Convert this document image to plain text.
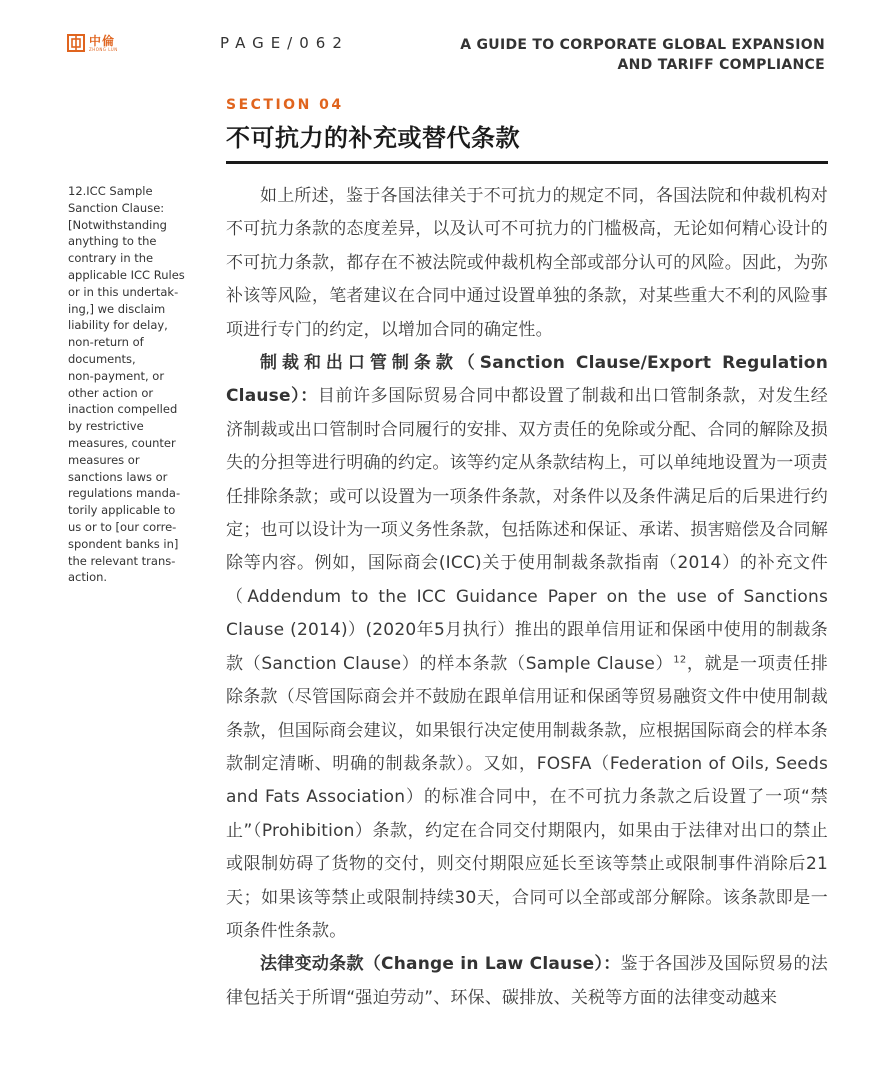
中倫
ZHONG LUN	PAGE/062	A GUIDE TO CORPORATE GLOBAL EXPANSION
AND TARIFF COMPLIANCE
SECTION 04
不可抗力的补充或替代条款
12.ICC Sample
Sanction Clause:
[Notwithstanding
anything to the
contrary in the
applicable ICC Rules
or in this undertak-
ing,] we disclaim
liability for delay,
non-return of
documents,
non-payment, or
other action or
inaction compelled
by restrictive
measures, counter
measures or
sanctions laws or
regulations manda-
torily applicable to
us or to [our corre-
spondent banks in]
the relevant trans-
action.

如上所述，鉴于各国法律关于不可抗力的规定不同，各国法院和仲裁机构对不可抗力条款的态度差异，以及认可不可抗力的门槛极高，无论如何精心设计的不可抗力条款，都存在不被法院或仲裁机构全部或部分认可的风险。因此，为弥补该等风险，笔者建议在合同中通过设置单独的条款，对某些重大不利的风险事项进行专门的约定，以增加合同的确定性。

制裁和出口管制条款（Sanction Clause/Export Regulation Clause）：目前许多国际贸易合同中都设置了制裁和出口管制条款，对发生经济制裁或出口管制时合同履行的安排、双方责任的免除或分配、合同的解除及损失的分担等进行明确的约定。该等约定从条款结构上，可以单纯地设置为一项责任排除条款；或可以设置为一项条件条款，对条件以及条件满足后的后果进行约定；也可以设计为一项义务性条款，包括陈述和保证、承诺、损害赔偿及合同解除等内容。例如，国际商会(ICC)关于使用制裁条款指南（2014）的补充文件（Addendum to the ICC Guidance Paper on the use of Sanctions Clause (2014)）(2020年5月执行）推出的跟单信用证和保函中使用的制裁条款（Sanction Clause）的样本条款（Sample Clause）$^{12}$，就是一项责任排除条款（尽管国际商会并不鼓励在跟单信用证和保函等贸易融资文件中使用制裁条款，但国际商会建议，如果银行决定使用制裁条款，应根据国际商会的样本条款制定清晰、明确的制裁条款）。又如，FOSFA（Federation of Oils, Seeds and Fats Association）的标准合同中，在不可抗力条款之后设置了一项“禁止”（Prohibition）条款，约定在合同交付期限内，如果由于法律对出口的禁止或限制妨碍了货物的交付，则交付期限应延长至该等禁止或限制事件消除后21天；如果该等禁止或限制持续30天，合同可以全部或部分解除。该条款即是一项条件性条款。

法律变动条款（Change in Law Clause）：鉴于各国涉及国际贸易的法律包括关于所谓“强迫劳动”、环保、碳排放、关税等方面的法律变动越来
